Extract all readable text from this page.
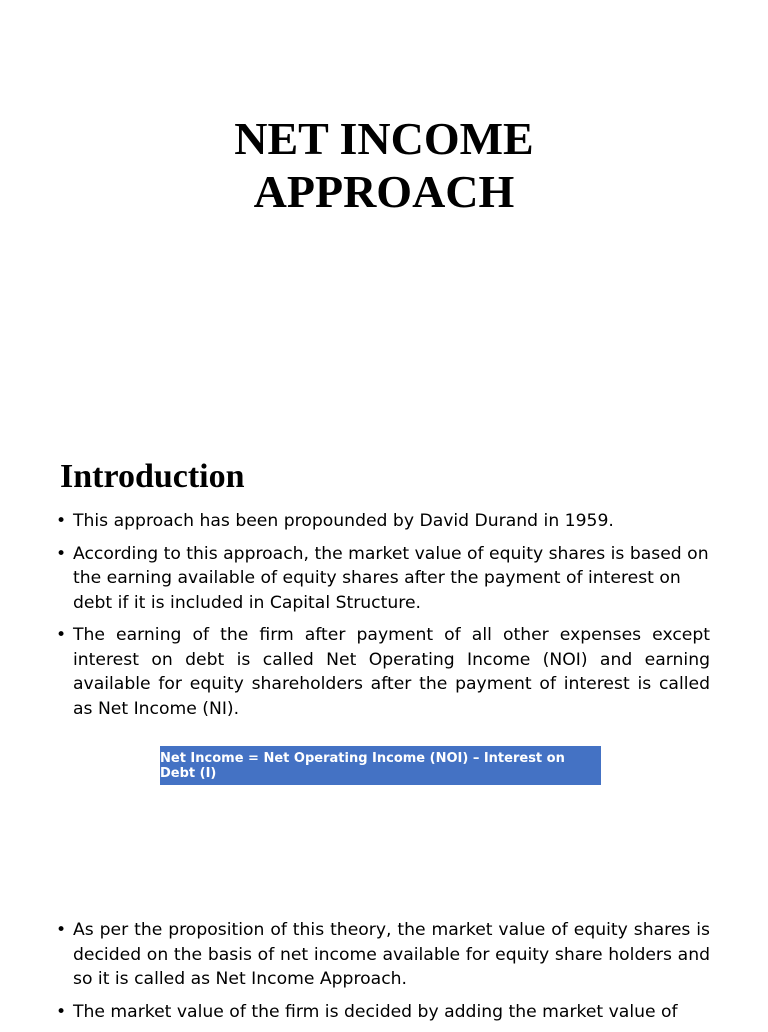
NET INCOME
APPROACH
Introduction
• This approach has been propounded by David Durand in 1959.
• According to this approach, the market value of equity shares is based on the earning available of equity shares after the payment of interest on debt if it is included in Capital Structure.
• The earning of the firm after payment of all other expenses except interest on debt is called Net Operating Income (NOI) and earning available for equity shareholders after the payment of interest is called as Net Income (NI).
Net Income = Net Operating Income (NOI) – Interest on Debt (I)
• As per the proposition of this theory, the market value of equity shares is decided on the basis of net income available for equity share holders and so it is called as Net Income Approach.
• The market value of the firm is decided by adding the market value of
